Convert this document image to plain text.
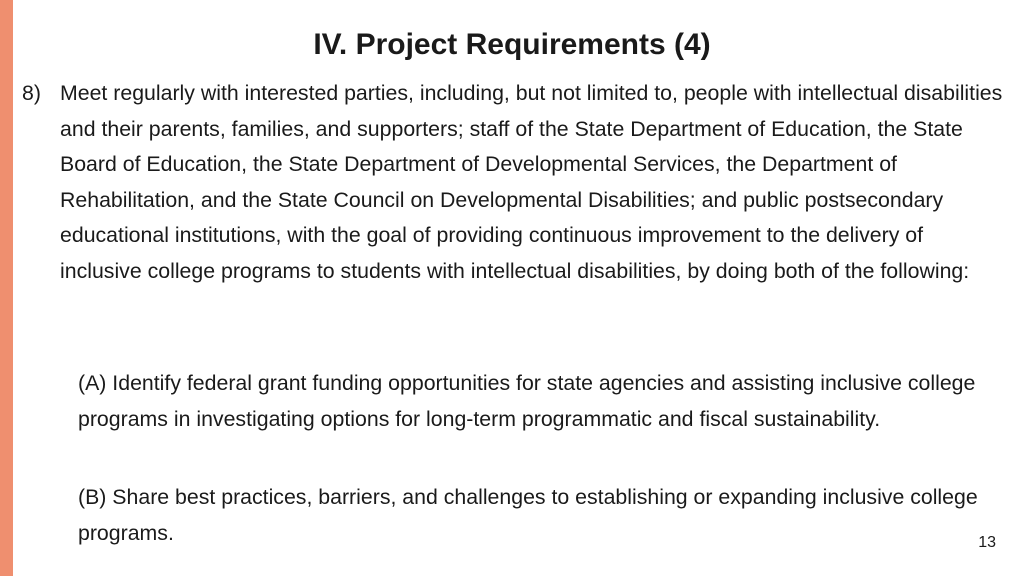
IV. Project Requirements (4)
8) Meet regularly with interested parties, including, but not limited to, people with intellectual disabilities and their parents, families, and supporters; staff of the State Department of Education, the State Board of Education, the State Department of Developmental Services, the Department of Rehabilitation, and the State Council on Developmental Disabilities; and public postsecondary educational institutions, with the goal of providing continuous improvement to the delivery of inclusive college programs to students with intellectual disabilities, by doing both of the following:
(A) Identify federal grant funding opportunities for state agencies and assisting inclusive college programs in investigating options for long-term programmatic and fiscal sustainability.
(B) Share best practices, barriers, and challenges to establishing or expanding inclusive college programs.	13
